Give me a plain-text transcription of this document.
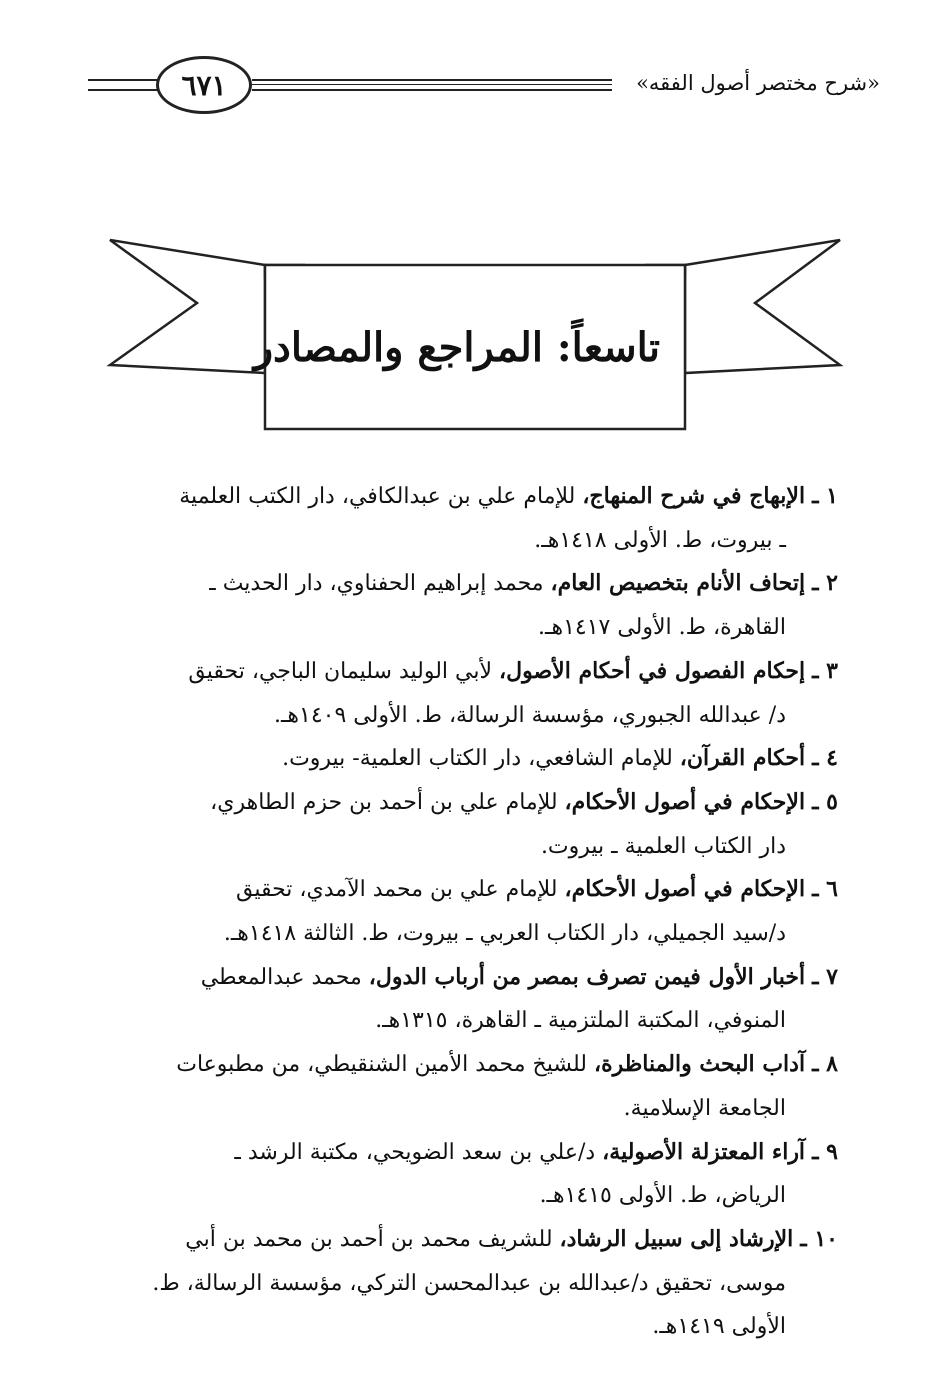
٦٧١	«شرح مختصر أصول الفقه»
تاسعاً: المراجع والمصادر
١ ـ الإبهاج في شرح المنهاج، للإمام علي بن عبدالكافي، دار الكتب العلمية
ـ بيروت، ط. الأولى ١٤١٨هـ.
٢ ـ إتحاف الأنام بتخصيص العام، محمد إبراهيم الحفناوي، دار الحديث ـ
القاهرة، ط. الأولى ١٤١٧هـ.
٣ ـ إحكام الفصول في أحكام الأصول، لأبي الوليد سليمان الباجي، تحقيق
د/ عبدالله الجبوري، مؤسسة الرسالة، ط. الأولى ١٤٠٩هـ.
٤ ـ أحكام القرآن، للإمام الشافعي، دار الكتاب العلمية- بيروت.
٥ ـ الإحكام في أصول الأحكام، للإمام علي بن أحمد بن حزم الطاهري،
دار الكتاب العلمية ـ بيروت.
٦ ـ الإحكام في أصول الأحكام، للإمام علي بن محمد الآمدي، تحقيق
د/سيد الجميلي، دار الكتاب العربي ـ بيروت، ط. الثالثة ١٤١٨هـ.
٧ ـ أخبار الأول فيمن تصرف بمصر من أرباب الدول، محمد عبدالمعطي
المنوفي، المكتبة الملتزمية ـ القاهرة، ١٣١٥هـ.
٨ ـ آداب البحث والمناظرة، للشيخ محمد الأمين الشنقيطي، من مطبوعات
الجامعة الإسلامية.
٩ ـ آراء المعتزلة الأصولية، د/علي بن سعد الضويحي، مكتبة الرشد ـ
الرياض، ط. الأولى ١٤١٥هـ.
١٠ ـ الإرشاد إلى سبيل الرشاد، للشريف محمد بن أحمد بن محمد بن أبي
موسى، تحقيق د/عبدالله بن عبدالمحسن التركي، مؤسسة الرسالة، ط.
الأولى ١٤١٩هـ.
